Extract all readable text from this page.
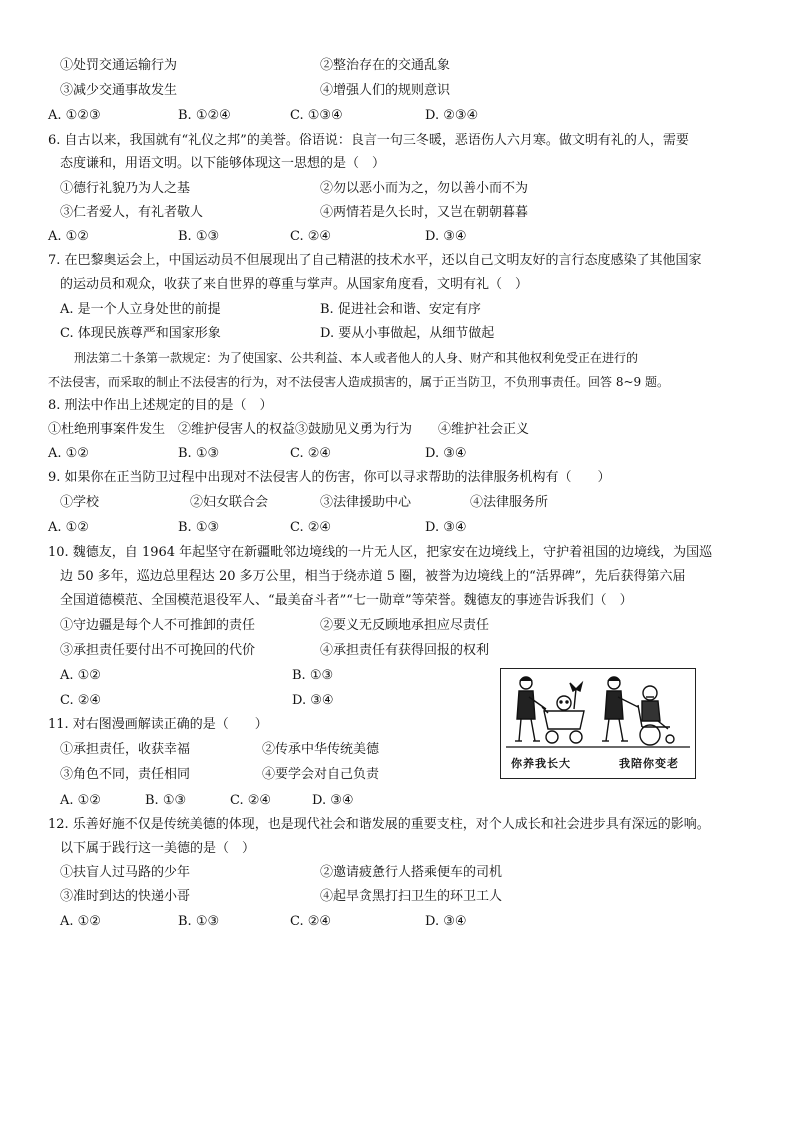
①处罚交通运输行为	②整治存在的交通乱象
③减少交通事故发生	④增强人们的规则意识
A. ①②③	B. ①②④	C. ①③④	D. ②③④
6. 自古以来，我国就有“礼仪之邦”的美誉。俗语说：良言一句三冬暖，恶语伤人六月寒。做文明有礼的人，需要
态度谦和，用语文明。以下能够体现这一思想的是（　）
①德行礼貌乃为人之基	②勿以恶小而为之，勿以善小而不为
③仁者爱人，有礼者敬人	④两情若是久长时，又岂在朝朝暮暮
A. ①②	B. ①③	C. ②④	D. ③④
7. 在巴黎奥运会上，中国运动员不但展现出了自己精湛的技术水平，还以自己文明友好的言行态度感染了其他国家
的运动员和观众，收获了来自世界的尊重与掌声。从国家角度看，文明有礼（　）
A. 是一个人立身处世的前提	B. 促进社会和谐、安定有序
C. 体现民族尊严和国家形象	D. 要从小事做起，从细节做起
刑法第二十条第一款规定：为了使国家、公共利益、本人或者他人的人身、财产和其他权利免受正在进行的
不法侵害，而采取的制止不法侵害的行为，对不法侵害人造成损害的，属于正当防卫，不负刑事责任。回答 8~9 题。
8. 刑法中作出上述规定的目的是（　）
①杜绝刑事案件发生　②维护侵害人的权益③鼓励见义勇为行为　　④维护社会正义
A. ①②	B. ①③	C. ②④	D. ③④
9. 如果你在正当防卫过程中出现对不法侵害人的伤害，你可以寻求帮助的法律服务机构有（　　）
①学校	②妇女联合会	③法律援助中心	④法律服务所
A. ①②	B. ①③	C. ②④	D. ③④
10. 魏德友，自 1964 年起坚守在新疆毗邻边境线的一片无人区，把家安在边境线上，守护着祖国的边境线，为国巡
边 50 多年，巡边总里程达 20 多万公里，相当于绕赤道 5 圈，被誉为边境线上的“活界碑”，先后获得第六届
全国道德模范、全国模范退役军人、“最美奋斗者”“七一勋章”等荣誉。魏德友的事迹告诉我们（　）
①守边疆是每个人不可推卸的责任	②要义无反顾地承担应尽责任
③承担责任要付出不可挽回的代价	④承担责任有获得回报的权利
A. ①②	B. ①③
C. ②④	D. ③④
11. 对右图漫画解读正确的是（　　）
①承担责任，收获幸福	②传承中华传统美德
③角色不同，责任相同	④要学会对自己负责
A. ①②	B. ①③	C. ②④	D. ③④
你养我长大	我陪你变老
12. 乐善好施不仅是传统美德的体现，也是现代社会和谐发展的重要支柱，对个人成长和社会进步具有深远的影响。
以下属于践行这一美德的是（　）
①扶盲人过马路的少年	②邀请疲惫行人搭乘便车的司机
③准时到达的快递小哥	④起早贪黑打扫卫生的环卫工人
A. ①②	B. ①③	C. ②④	D. ③④
